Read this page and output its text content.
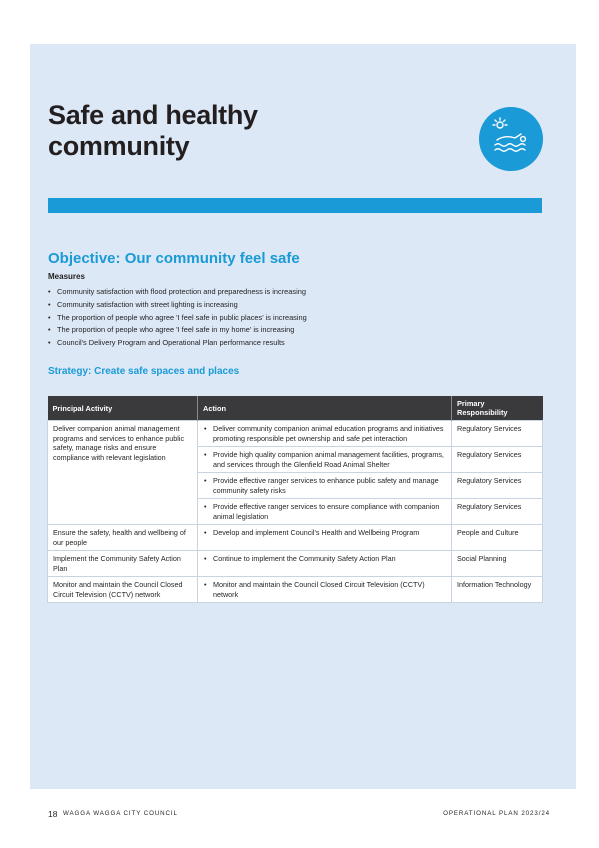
Safe and healthy community
Objective: Our community feel safe
Measures
• Community satisfaction with flood protection and preparedness is increasing
• Community satisfaction with street lighting is increasing
• The proportion of people who agree 'I feel safe in public places' is increasing
• The proportion of people who agree 'I feel safe in my home' is increasing
• Council's Delivery Program and Operational Plan performance results
Strategy: Create safe spaces and places
Principal Activity	Action	Primary Responsibility
Deliver companion animal management programs and services to enhance public safety, manage risks and ensure compliance with relevant legislation	• Deliver community companion animal education programs and initiatives promoting responsible pet ownership and safe pet interaction	Regulatory Services

	• Provide high quality companion animal management facilities, programs, and services through the Glenfield Road Animal Shelter	Regulatory Services

	• Provide effective ranger services to enhance public safety and manage community safety risks	Regulatory Services

	• Provide effective ranger services to ensure compliance with companion animal legislation	Regulatory Services
Ensure the safety, health and wellbeing of our people	• Develop and implement Council's Health and Wellbeing Program	People and Culture
Implement the Community Safety Action Plan	• Continue to implement the Community Safety Action Plan	Social Planning
Monitor and maintain the Council Closed Circuit Television (CCTV) network	• Monitor and maintain the Council Closed Circuit Television (CCTV) network	Information Technology
18 WAGGA WAGGA CITY COUNCIL	OPERATIONAL PLAN 2023/24
